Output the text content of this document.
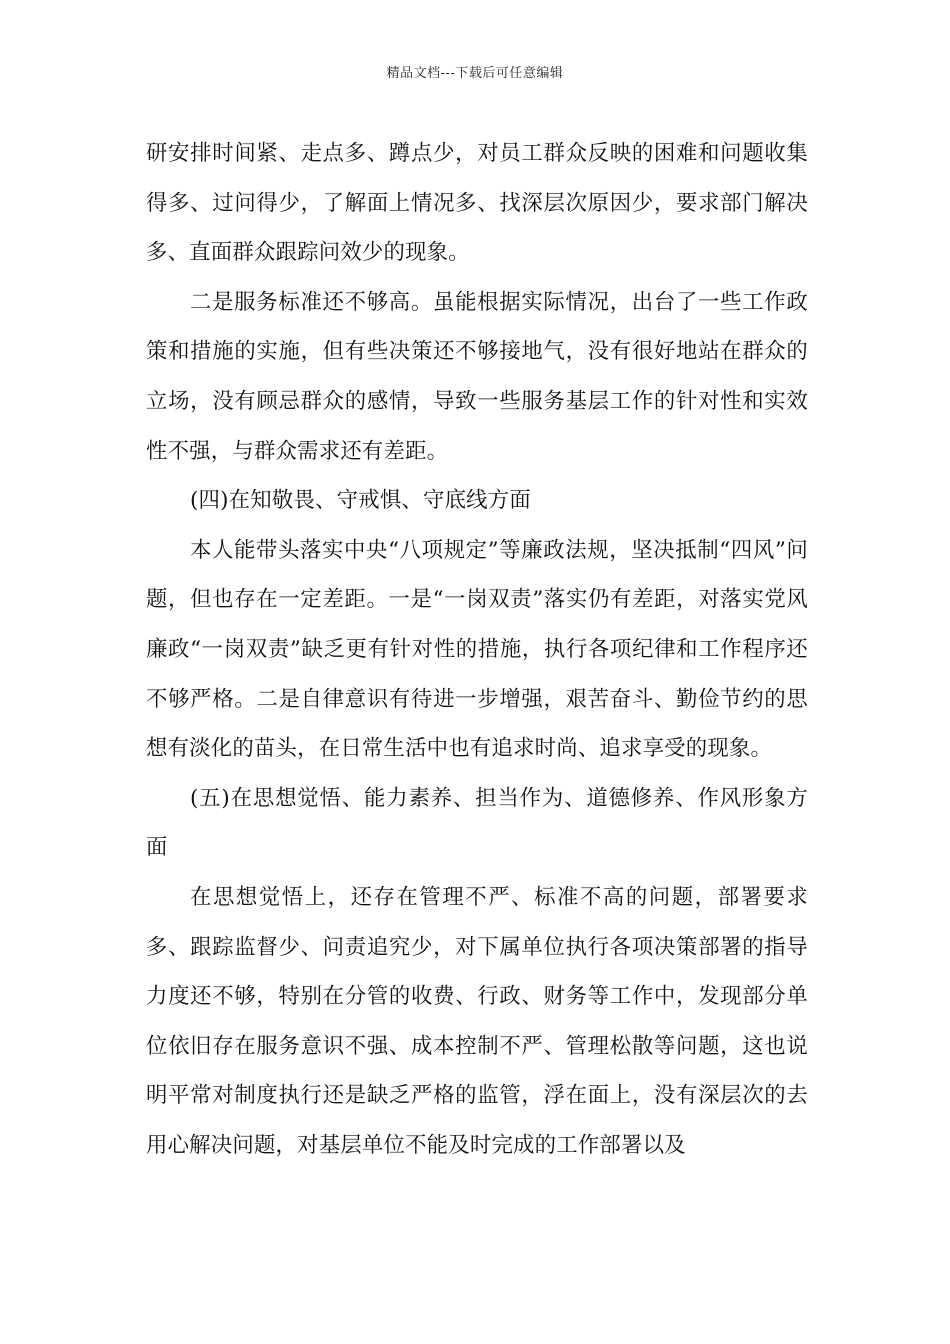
精品文档---下载后可任意编辑

研安排时间紧、走点多、蹲点少，对员工群众反映的困难和问题收集得多、过问得少，了解面上情况多、找深层次原因少，要求部门解决多、直面群众跟踪问效少的现象。

二是服务标准还不够高。虽能根据实际情况，出台了一些工作政策和措施的实施，但有些决策还不够接地气，没有很好地站在群众的立场，没有顾忌群众的感情，导致一些服务基层工作的针对性和实效性不强，与群众需求还有差距。

(四)在知敬畏、守戒惧、守底线方面

本人能带头落实中央“八项规定”等廉政法规，坚决抵制“四风”问题，但也存在一定差距。一是“一岗双责”落实仍有差距，对落实党风廉政“一岗双责”缺乏更有针对性的措施，执行各项纪律和工作程序还不够严格。二是自律意识有待进一步增强，艰苦奋斗、勤俭节约的思想有淡化的苗头，在日常生活中也有追求时尚、追求享受的现象。

(五)在思想觉悟、能力素养、担当作为、道德修养、作风形象方面

在思想觉悟上，还存在管理不严、标准不高的问题，部署要求多、跟踪监督少、问责追究少，对下属单位执行各项决策部署的指导力度还不够，特别在分管的收费、行政、财务等工作中，发现部分单位依旧存在服务意识不强、成本控制不严、管理松散等问题，这也说明平常对制度执行还是缺乏严格的监管，浮在面上，没有深层次的去用心解决问题，对基层单位不能及时完成的工作部署以及
